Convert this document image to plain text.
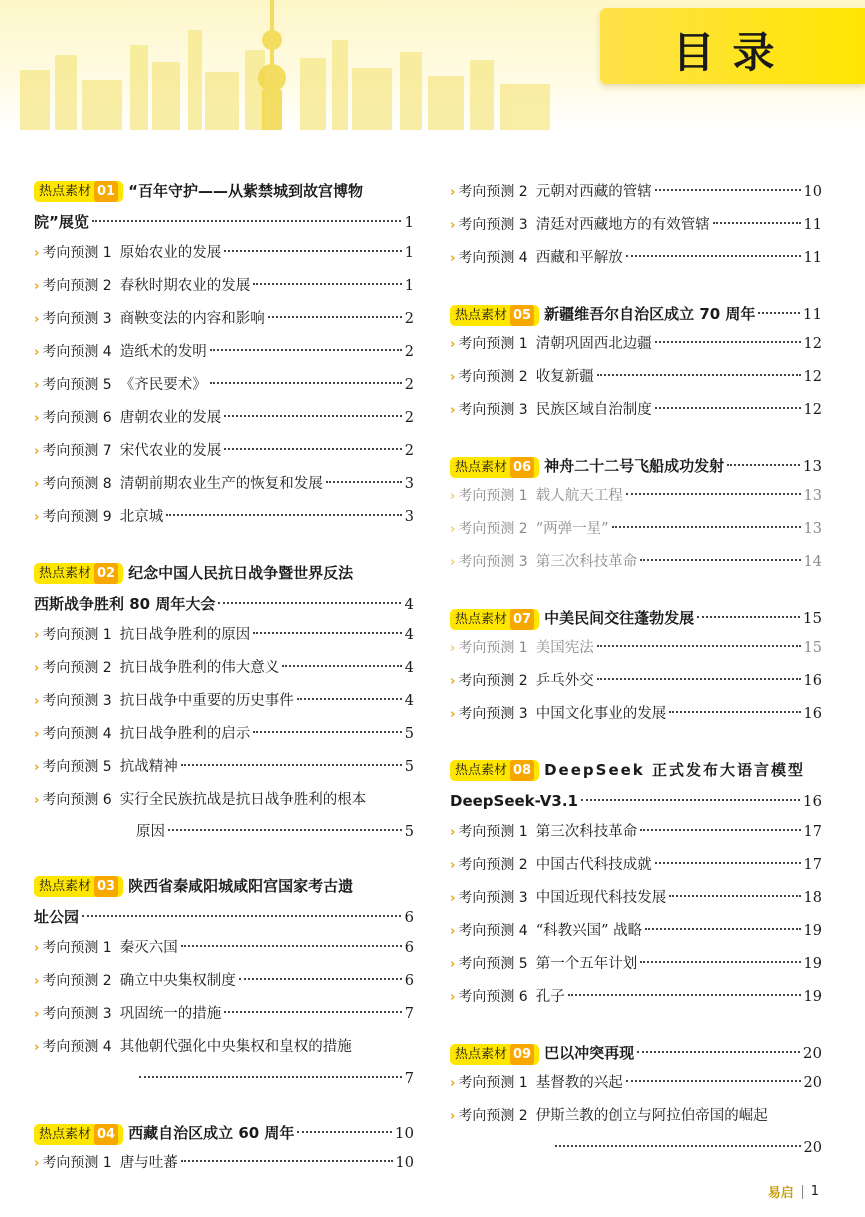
目录
热点素材 01 “百年守护——从紫禁城到故宫博物
院”展览	1
› 考向预测 1 原始农业的发展	1
› 考向预测 2 春秋时期农业的发展	1
› 考向预测 3 商鞅变法的内容和影响	2
› 考向预测 4 造纸术的发明	2
› 考向预测 5 《齐民要术》	2
› 考向预测 6 唐朝农业的发展	2
› 考向预测 7 宋代农业的发展	2
› 考向预测 8 清朝前期农业生产的恢复和发展	3
› 考向预测 9 北京城	3
热点素材 02 纪念中国人民抗日战争暨世界反法
西斯战争胜利 80 周年大会	4
› 考向预测 1 抗日战争胜利的原因	4
› 考向预测 2 抗日战争胜利的伟大意义	4
› 考向预测 3 抗日战争中重要的历史事件	4
› 考向预测 4 抗日战争胜利的启示	5
› 考向预测 5 抗战精神	5
› 考向预测 6 实行全民族抗战是抗日战争胜利的根本
原因	5
热点素材 03 陕西省秦咸阳城咸阳宫国家考古遗
址公园	6
› 考向预测 1 秦灭六国	6
› 考向预测 2 确立中央集权制度	6
› 考向预测 3 巩固统一的措施	7
› 考向预测 4 其他朝代强化中央集权和皇权的措施
7
热点素材 04 西藏自治区成立 60 周年	10
› 考向预测 1 唐与吐蕃	10
› 考向预测 2 元朝对西藏的管辖	10
› 考向预测 3 清廷对西藏地方的有效管辖	11
› 考向预测 4 西藏和平解放	11
热点素材 05 新疆维吾尔自治区成立 70 周年	11
› 考向预测 1 清朝巩固西北边疆	12
› 考向预测 2 收复新疆	12
› 考向预测 3 民族区域自治制度	12
热点素材 06 神舟二十二号飞船成功发射	13
› 考向预测 1 载人航天工程	13
› 考向预测 2 “两弹一星”	13
› 考向预测 3 第三次科技革命	14
热点素材 07 中美民间交往蓬勃发展	15
› 考向预测 1 美国宪法	15
› 考向预测 2 乒乓外交	16
› 考向预测 3 中国文化事业的发展	16
热点素材 08 DeepSeek 正式发布大语言模型
DeepSeek-V3.1	16
› 考向预测 1 第三次科技革命	17
› 考向预测 2 中国古代科技成就	17
› 考向预测 3 中国近现代科技发展	18
› 考向预测 4 “科教兴国” 战略	19
› 考向预测 5 第一个五年计划	19
› 考向预测 6 孔子	19
热点素材 09 巴以冲突再现	20
› 考向预测 1 基督教的兴起	20
› 考向预测 2 伊斯兰教的创立与阿拉伯帝国的崛起
20
易启 1
